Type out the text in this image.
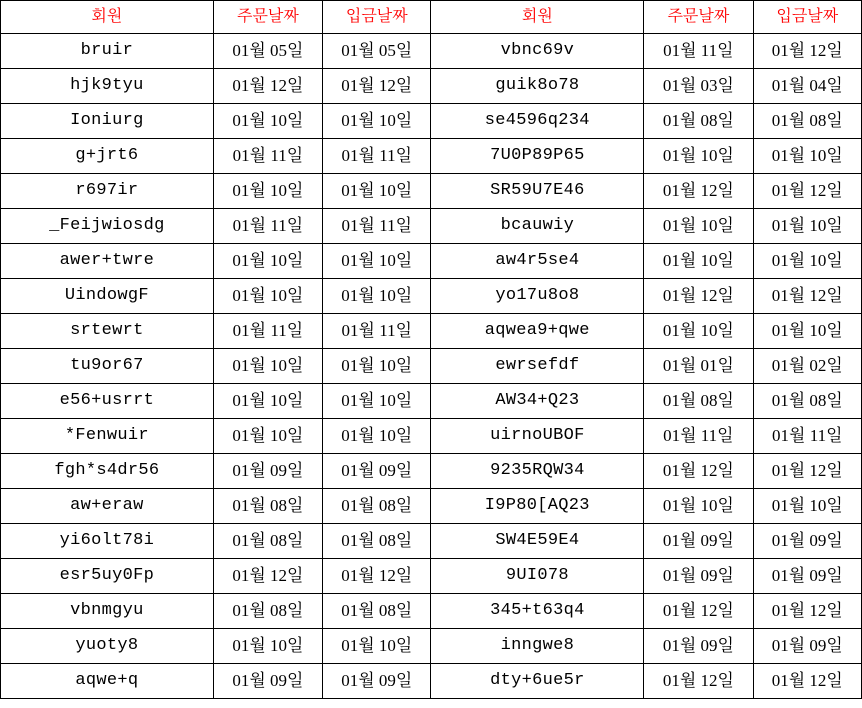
회원	주문날짜	입금날짜	회원	주문날짜	입금날짜
bruir	01월 05일	01월 05일	vbnc69v	01월 11일	01월 12일
hjk9tyu	01월 12일	01월 12일	guik8o78	01월 03일	01월 04일
Ioniurg	01월 10일	01월 10일	se4596q234	01월 08일	01월 08일
g+jrt6	01월 11일	01월 11일	7U0P89P65	01월 10일	01월 10일
r697ir	01월 10일	01월 10일	SR59U7E46	01월 12일	01월 12일
_Feijwiosdg	01월 11일	01월 11일	bcauwiy	01월 10일	01월 10일
awer+twre	01월 10일	01월 10일	aw4r5se4	01월 10일	01월 10일
UindowgF	01월 10일	01월 10일	yo17u8o8	01월 12일	01월 12일
srtewrt	01월 11일	01월 11일	aqwea9+qwe	01월 10일	01월 10일
tu9or67	01월 10일	01월 10일	ewrsefdf	01월 01일	01월 02일
e56+usrrt	01월 10일	01월 10일	AW34+Q23	01월 08일	01월 08일
*Fenwuir	01월 10일	01월 10일	uirnoUBOF	01월 11일	01월 11일
fgh*s4dr56	01월 09일	01월 09일	9235RQW34	01월 12일	01월 12일
aw+eraw	01월 08일	01월 08일	I9P80[AQ23	01월 10일	01월 10일
yi6olt78i	01월 08일	01월 08일	SW4E59E4	01월 09일	01월 09일
esr5uy0Fp	01월 12일	01월 12일	9UI078	01월 09일	01월 09일
vbnmgyu	01월 08일	01월 08일	345+t63q4	01월 12일	01월 12일
yuoty8	01월 10일	01월 10일	inngwe8	01월 09일	01월 09일
aqwe+q	01월 09일	01월 09일	dty+6ue5r	01월 12일	01월 12일
